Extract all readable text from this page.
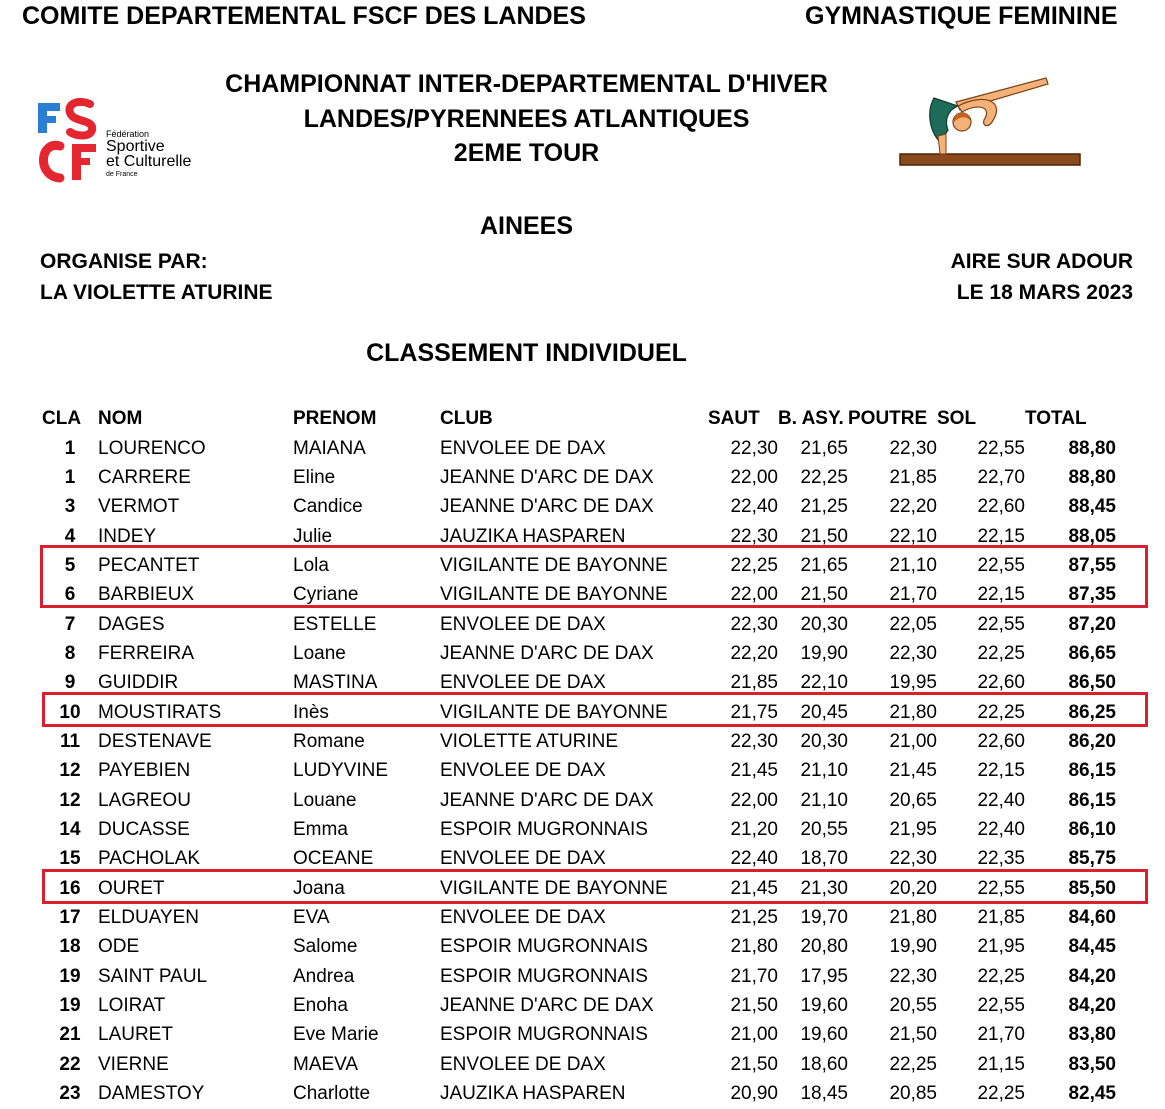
COMITE DEPARTEMENTAL FSCF DES LANDES	GYMNASTIQUE FEMININE
Fédération
Sportive
et Culturelle
de France
CHAMPIONNAT INTER-DEPARTEMENTAL D'HIVER
LANDES/PYRENNEES ATLANTIQUES
2EME TOUR
AINEES
ORGANISE PAR:
LA VIOLETTE ATURINE
AIRE SUR ADOUR
LE 18 MARS 2023
CLASSEMENT INDIVIDUEL
CLA	NOM	PRENOM	CLUB	SAUT	B. ASY.	POUTRE	SOL	TOTAL
1	LOURENCO	MAIANA	ENVOLEE DE DAX	22,30	21,65	22,30	22,55	88,80
1	CARRERE	Eline	JEANNE D'ARC DE DAX	22,00	22,25	21,85	22,70	88,80
3	VERMOT	Candice	JEANNE D'ARC DE DAX	22,40	21,25	22,20	22,60	88,45
4	INDEY	Julie	JAUZIKA HASPAREN	22,30	21,50	22,10	22,15	88,05
5	PECANTET	Lola	VIGILANTE DE BAYONNE	22,25	21,65	21,10	22,55	87,55
6	BARBIEUX	Cyriane	VIGILANTE DE BAYONNE	22,00	21,50	21,70	22,15	87,35
7	DAGES	ESTELLE	ENVOLEE DE DAX	22,30	20,30	22,05	22,55	87,20
8	FERREIRA	Loane	JEANNE D'ARC DE DAX	22,20	19,90	22,30	22,25	86,65
9	GUIDDIR	MASTINA	ENVOLEE DE DAX	21,85	22,10	19,95	22,60	86,50
10	MOUSTIRATS	Inès	VIGILANTE DE BAYONNE	21,75	20,45	21,80	22,25	86,25
11	DESTENAVE	Romane	VIOLETTE ATURINE	22,30	20,30	21,00	22,60	86,20
12	PAYEBIEN	LUDYVINE	ENVOLEE DE DAX	21,45	21,10	21,45	22,15	86,15
12	LAGREOU	Louane	JEANNE D'ARC DE DAX	22,00	21,10	20,65	22,40	86,15
14	DUCASSE	Emma	ESPOIR MUGRONNAIS	21,20	20,55	21,95	22,40	86,10
15	PACHOLAK	OCEANE	ENVOLEE DE DAX	22,40	18,70	22,30	22,35	85,75
16	OURET	Joana	VIGILANTE DE BAYONNE	21,45	21,30	20,20	22,55	85,50
17	ELDUAYEN	EVA	ENVOLEE DE DAX	21,25	19,70	21,80	21,85	84,60
18	ODE	Salome	ESPOIR MUGRONNAIS	21,80	20,80	19,90	21,95	84,45
19	SAINT PAUL	Andrea	ESPOIR MUGRONNAIS	21,70	17,95	22,30	22,25	84,20
19	LOIRAT	Enoha	JEANNE D'ARC DE DAX	21,50	19,60	20,55	22,55	84,20
21	LAURET	Eve Marie	ESPOIR MUGRONNAIS	21,00	19,60	21,50	21,70	83,80
22	VIERNE	MAEVA	ENVOLEE DE DAX	21,50	18,60	22,25	21,15	83,50
23	DAMESTOY	Charlotte	JAUZIKA HASPAREN	20,90	18,45	20,85	22,25	82,45
